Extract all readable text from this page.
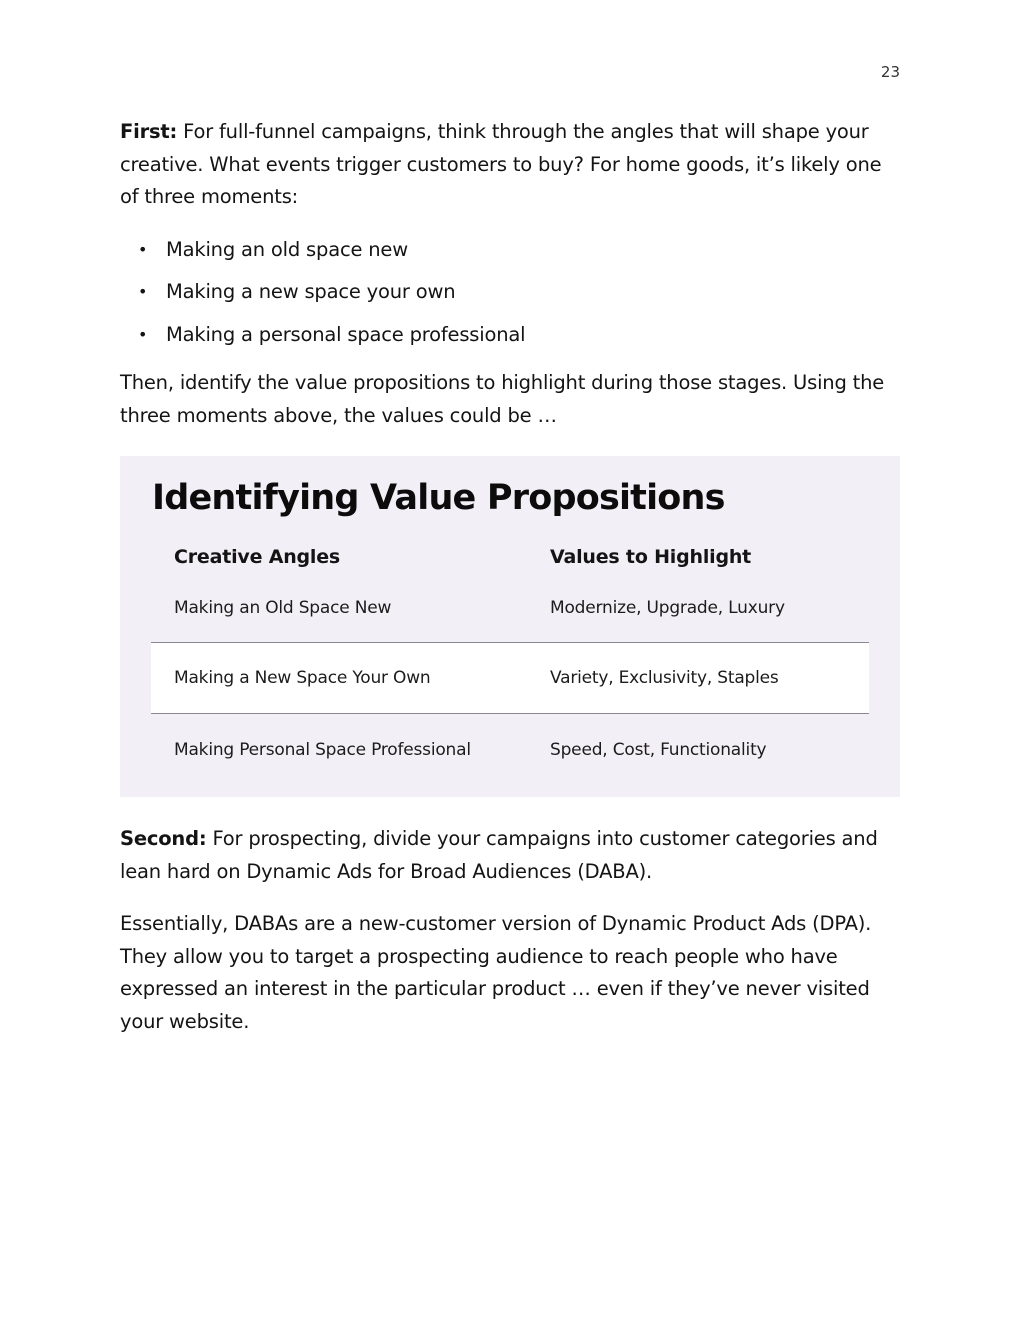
23

First: For full-funnel campaigns, think through the angles that will shape your creative. What events trigger customers to buy? For home goods, it’s likely one of three moments:

• Making an old space new
• Making a new space your own
• Making a personal space professional

Then, identify the value propositions to highlight during those stages. Using the three moments above, the values could be …

Identifying Value Propositions
Creative Angles	Values to Highlight
Making an Old Space New	Modernize, Upgrade, Luxury
Making a New Space Your Own	Variety, Exclusivity, Staples
Making Personal Space Professional	Speed, Cost, Functionality

Second: For prospecting, divide your campaigns into customer categories and lean hard on Dynamic Ads for Broad Audiences (DABA).

Essentially, DABAs are a new-customer version of Dynamic Product Ads (DPA). They allow you to target a prospecting audience to reach people who have expressed an interest in the particular product … even if they’ve never visited your website.
